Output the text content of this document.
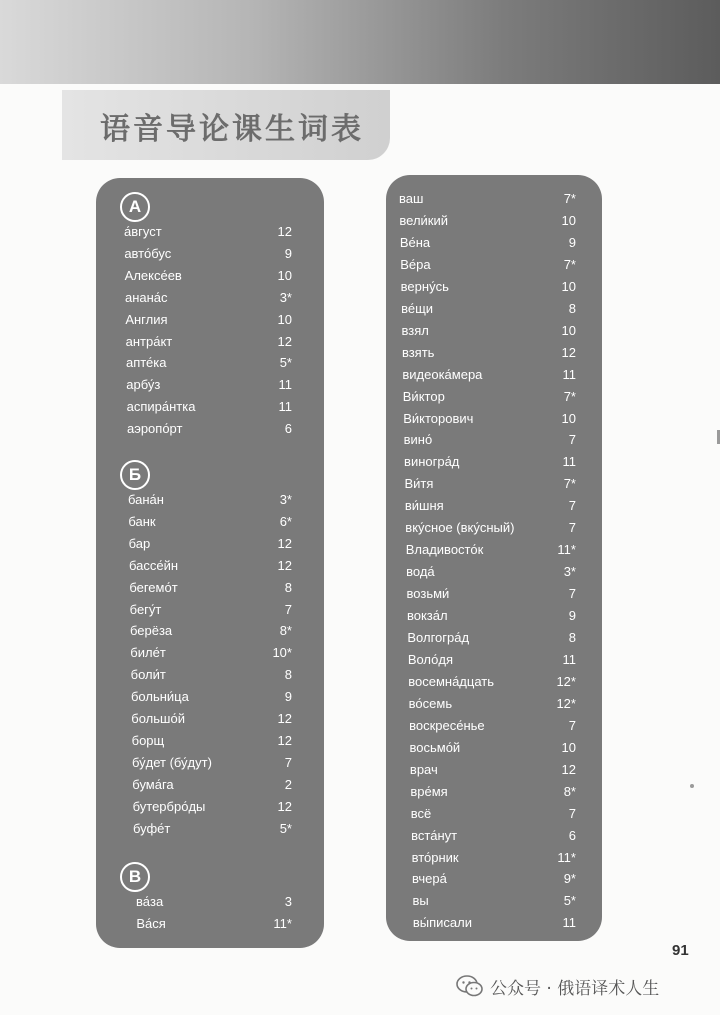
语音导论课生词表
А
а́вгуст	12
авто́бус	9
Алексе́ев	10
анана́с	3*
Англия	10
антра́кт	12
апте́ка	5*
арбу́з	11
аспира́нтка	11
аэропо́рт	6
Б
бана́н	3*
банк	6*
бар	12
бассе́йн	12
бегемо́т	8
бегу́т	7
берёза	8*
биле́т	10*
боли́т	8
больни́ца	9
большо́й	12
борщ	12
бу́дет (бу́дут)	7
бума́га	2
бутербро́ды	12
буфе́т	5*
В
ва́за	3
Ва́ся	11*
ваш	7*
вели́кий	10
Ве́на	9
Ве́ра	7*
верну́сь	10
ве́щи	8
взял	10
взять	12
видеока́мера	11
Ви́ктор	7*
Ви́кторович	10
вино́	7
виногра́д	11
Ви́тя	7*
ви́шня	7
вку́сное (вку́сный)	7
Владивосто́к	11*
вода́	3*
возьми́	7
вокза́л	9
Волгогра́д	8
Воло́дя	11
восемна́дцать	12*
во́семь	12*
воскресе́нье	7
восьмо́й	10
врач	12
вре́мя	8*
всё	7
вста́нут	6
вто́рник	11*
вчера́	9*
вы	5*
вы́писали	11
91
公众号 · 俄语译术人生
